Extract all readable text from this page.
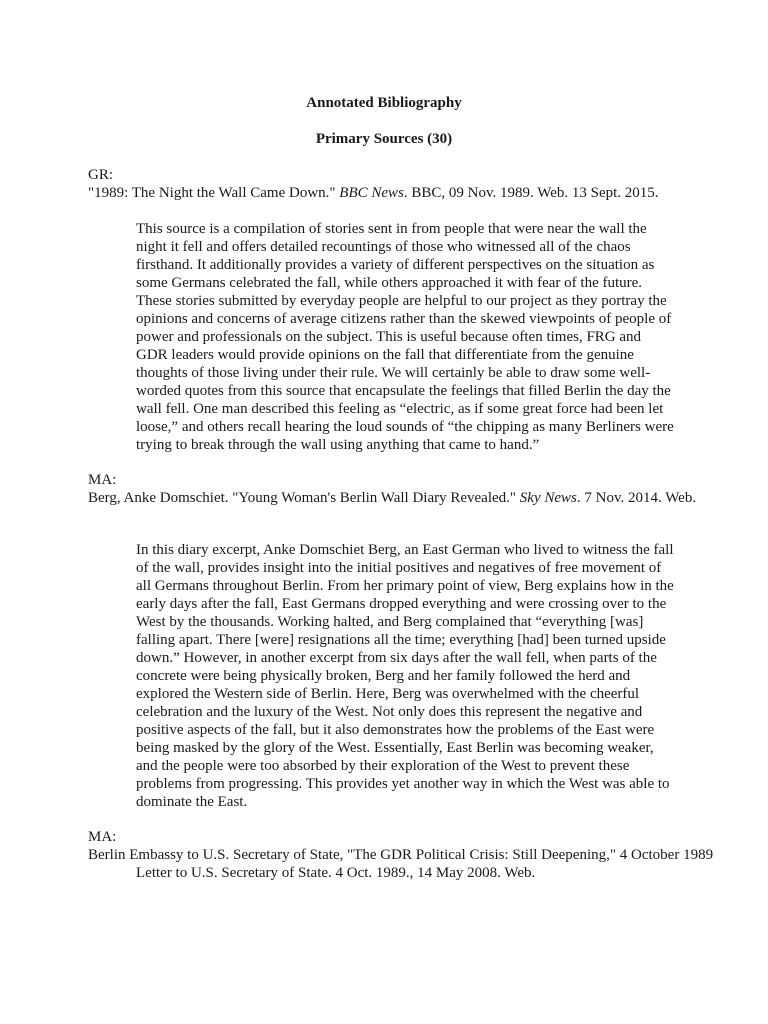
Annotated Bibliography
Primary Sources (30)
GR:
"1989: The Night the Wall Came Down." BBC News. BBC, 09 Nov. 1989. Web. 13 Sept. 2015.
This source is a compilation of stories sent in from people that were near the wall the
night it fell and offers detailed recountings of those who witnessed all of the chaos
firsthand. It additionally provides a variety of different perspectives on the situation as
some Germans celebrated the fall, while others approached it with fear of the future.
These stories submitted by everyday people are helpful to our project as they portray the
opinions and concerns of average citizens rather than the skewed viewpoints of people of
power and professionals on the subject. This is useful because often times, FRG and
GDR leaders would provide opinions on the fall that differentiate from the genuine
thoughts of those living under their rule. We will certainly be able to draw some well-
worded quotes from this source that encapsulate the feelings that filled Berlin the day the
wall fell. One man described this feeling as “electric, as if some great force had been let
loose,” and others recall hearing the loud sounds of “the chipping as many Berliners were
trying to break through the wall using anything that came to hand.”
MA:
Berg, Anke Domschiet. "Young Woman's Berlin Wall Diary Revealed." Sky News. 7 Nov. 2014. Web.
In this diary excerpt, Anke Domschiet Berg, an East German who lived to witness the fall
of the wall, provides insight into the initial positives and negatives of free movement of
all Germans throughout Berlin. From her primary point of view, Berg explains how in the
early days after the fall, East Germans dropped everything and were crossing over to the
West by the thousands. Working halted, and Berg complained that “everything [was]
falling apart. There [were] resignations all the time; everything [had] been turned upside
down.” However, in another excerpt from six days after the wall fell, when parts of the
concrete were being physically broken, Berg and her family followed the herd and
explored the Western side of Berlin. Here, Berg was overwhelmed with the cheerful
celebration and the luxury of the West. Not only does this represent the negative and
positive aspects of the fall, but it also demonstrates how the problems of the East were
being masked by the glory of the West. Essentially, East Berlin was becoming weaker,
and the people were too absorbed by their exploration of the West to prevent these
problems from progressing. This provides yet another way in which the West was able to
dominate the East.
MA:
Berlin Embassy to U.S. Secretary of State, "The GDR Political Crisis: Still Deepening," 4 October 1989 Letter to U.S. Secretary of State. 4 Oct. 1989., 14 May 2008. Web.
